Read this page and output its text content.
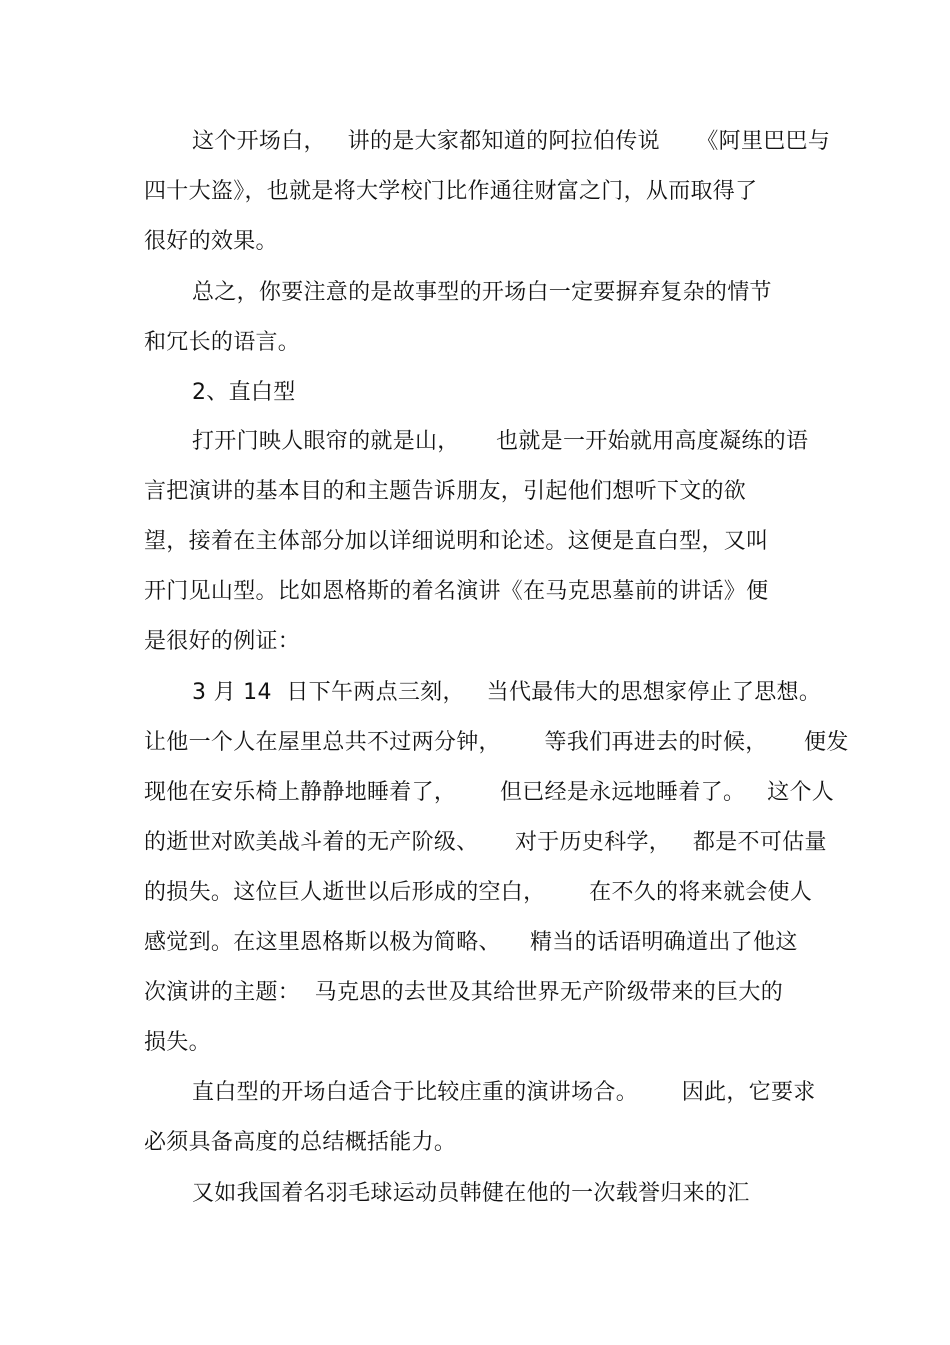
这个开场白，   讲的是大家都知道的阿拉伯传说     《阿里巴巴与
四十大盗》，也就是将大学校门比作通往财富之门，从而取得了
很好的效果。
总之，你要注意的是故事型的开场白一定要摒弃复杂的情节
和冗长的语言。
2、直白型
打开门映人眼帘的就是山，     也就是一开始就用高度凝练的语
言把演讲的基本目的和主题告诉朋友，引起他们想听下文的欲
望，接着在主体部分加以详细说明和论述。这便是直白型，又叫
开门见山型。比如恩格斯的着名演讲《在马克思墓前的讲话》便
是很好的例证：
3 月 14  日下午两点三刻，   当代最伟大的思想家停止了思想。
让他一个人在屋里总共不过两分钟，      等我们再进去的时候，     便发
现他在安乐椅上静静地睡着了，      但已经是永远地睡着了。   这个人
的逝世对欧美战斗着的无产阶级、     对于历史科学，   都是不可估量
的损失。这位巨人逝世以后形成的空白，      在不久的将来就会使人
感觉到。在这里恩格斯以极为简略、    精当的话语明确道出了他这
次演讲的主题：  马克思的去世及其给世界无产阶级带来的巨大的
损失。
直白型的开场白适合于比较庄重的演讲场合。      因此，它要求
必须具备高度的总结概括能力。
又如我国着名羽毛球运动员韩健在他的一次载誉归来的汇
